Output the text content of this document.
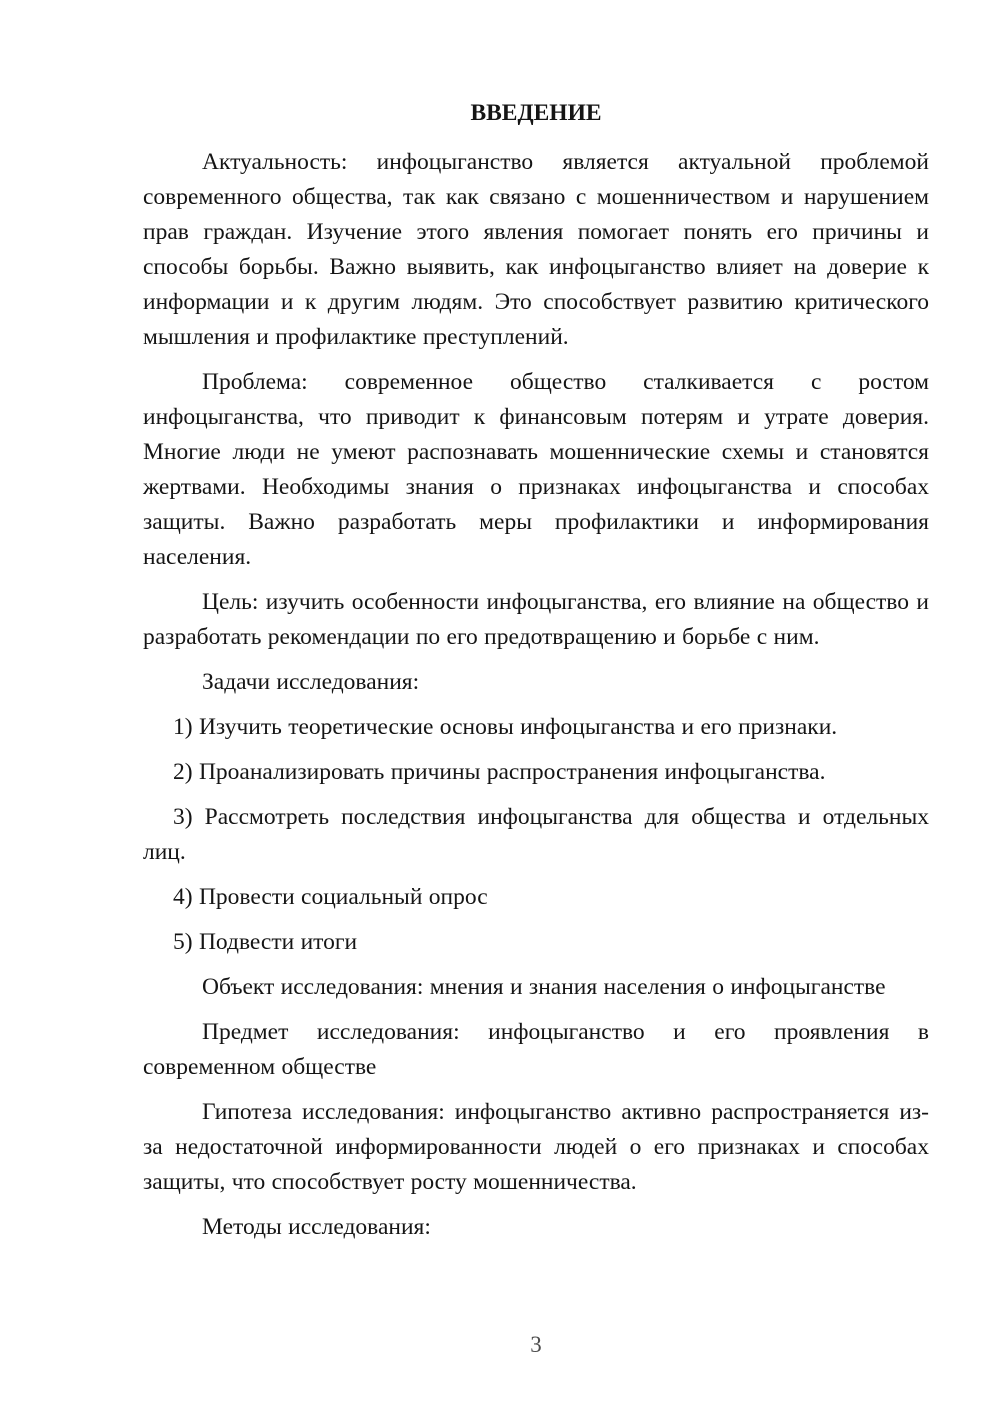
ВВЕДЕНИЕ

Актуальность: инфоцыганство является актуальной проблемой современного общества, так как связано с мошенничеством и нарушением прав граждан. Изучение этого явления помогает понять его причины и способы борьбы. Важно выявить, как инфоцыганство влияет на доверие к информации и к другим людям. Это способствует развитию критического мышления и профилактике преступлений.

Проблема: современное общество сталкивается с ростом инфоцыганства, что приводит к финансовым потерям и утрате доверия. Многие люди не умеют распознавать мошеннические схемы и становятся жертвами. Необходимы знания о признаках инфоцыганства и способах защиты. Важно разработать меры профилактики и информирования населения.

Цель: изучить особенности инфоцыганства, его влияние на общество и разработать рекомендации по его предотвращению и борьбе с ним.

Задачи исследования:

1) Изучить теоретические основы инфоцыганства и его признаки.

2) Проанализировать причины распространения инфоцыганства.

3) Рассмотреть последствия инфоцыганства для общества и отдельных лиц.

4) Провести социальный опрос

5) Подвести итоги

Объект исследования: мнения и знания населения о инфоцыганстве

Предмет исследования: инфоцыганство и его проявления в современном обществе

Гипотеза исследования: инфоцыганство активно распространяется из-за недостаточной информированности людей о его признаках и способах защиты, что способствует росту мошенничества.

Методы исследования:

3
